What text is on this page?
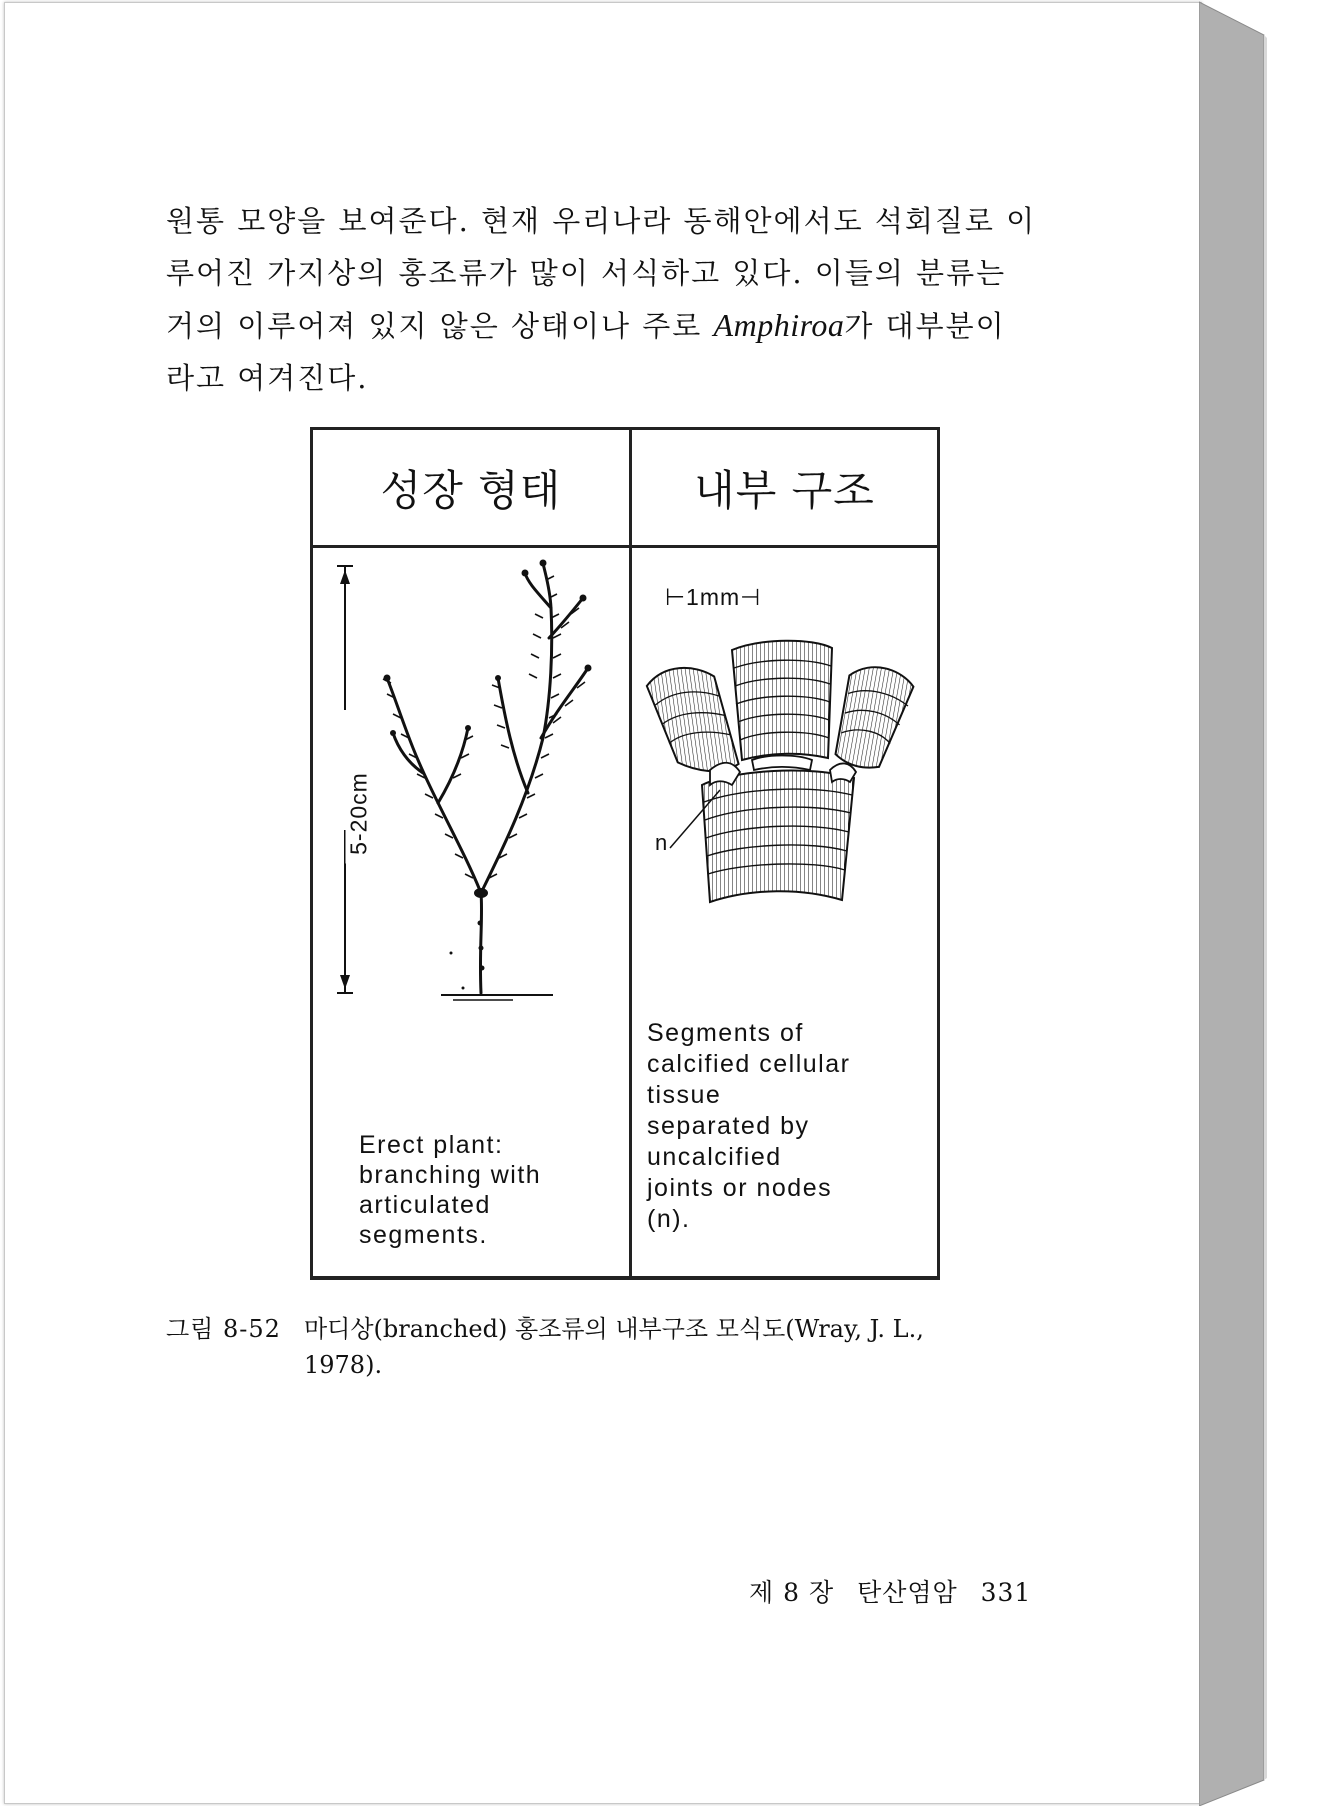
원통 모양을 보여준다. 현재 우리나라 동해안에서도 석회질로 이

루어진 가지상의 홍조류가 많이 서식하고 있다. 이들의 분류는

거의 이루어져 있지 않은 상태이나 주로 Amphiroa가 대부분이

라고 여겨진다.

성장 형태	내부 구조
5-20cm
Erect plant:
branching with
articulated
segments.
⊢1mm⊣
n
Segments of
calcified cellular
tissue
separated by
uncalcified
joints or nodes
(n).
그림 8-52 마디상(branched) 홍조류의 내부구조 모식도(Wray, J. L.,
1978).
제 8 장 탄산염암 331
